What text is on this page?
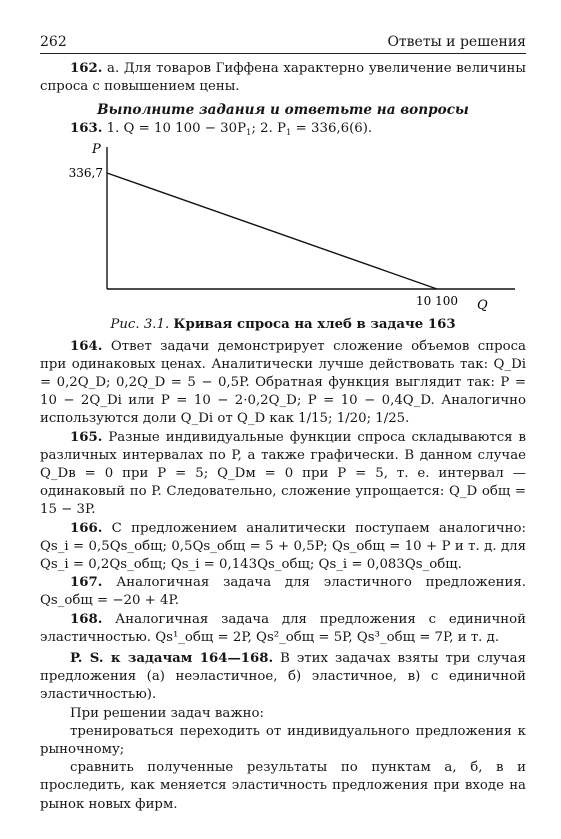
262	Ответы и решения

162. а. Для товаров Гиффена характерно увеличение величины спроса с повышением цены.

Выполните задания и ответьте на вопросы

163. 1. Q = 10 $100 - 30P_1$; 2. $P_1 = 336,6(6)$.

P
Q
336,7
10 100
Рис. 3.1. Кривая спроса на хлеб в задаче 163

164. Ответ задачи демонстрирует сложение объемов спроса при одинаковых ценах. Аналитически лучше действовать так: Q_Di = 0,2Q_D; 0,2Q_D = 5 − 0,5P. Обратная функция выглядит так: P = 10 − 2Q_Di или P = 10 − 2·0,2Q_D; P = 10 − 0,4Q_D. Аналогично используются доли Q_Di от Q_D как 1/15; 1/20; 1/25.

165. Разные индивидуальные функции спроса складываются в различных интервалах по P, а также графически. В данном случае Q_Dв = 0 при P = 5; Q_Dм = 0 при P = 5, т. е. интервал — одинаковый по P. Следовательно, сложение упрощается: Q_D общ = 15 − 3P.

166. С предложением аналитически поступаем аналогично: Qs_i = 0,5Qs_общ; 0,5Qs_общ = 5 + 0,5P; Qs_общ = 10 + P и т. д. для Qs_i = 0,2Qs_общ; Qs_i = 0,143Qs_общ; Qs_i = 0,083Qs_общ.

167. Аналогичная задача для эластичного предложения. Qs_общ = −20 + 4P.

168. Аналогичная задача для предложения с единичной эластичностью. Qs¹_общ = 2P, Qs²_общ = 5P, Qs³_общ = 7P, и т. д.

P. S. к задачам 164—168. В этих задачах взяты три случая предложения (а) неэластичное, б) эластичное, в) с единичной эластичностью).

При решении задач важно:

тренироваться переходить от индивидуального предложения к рыночному;

сравнить полученные результаты по пунктам а, б, в и проследить, как меняется эластичность предложения при входе на рынок новых фирм.
